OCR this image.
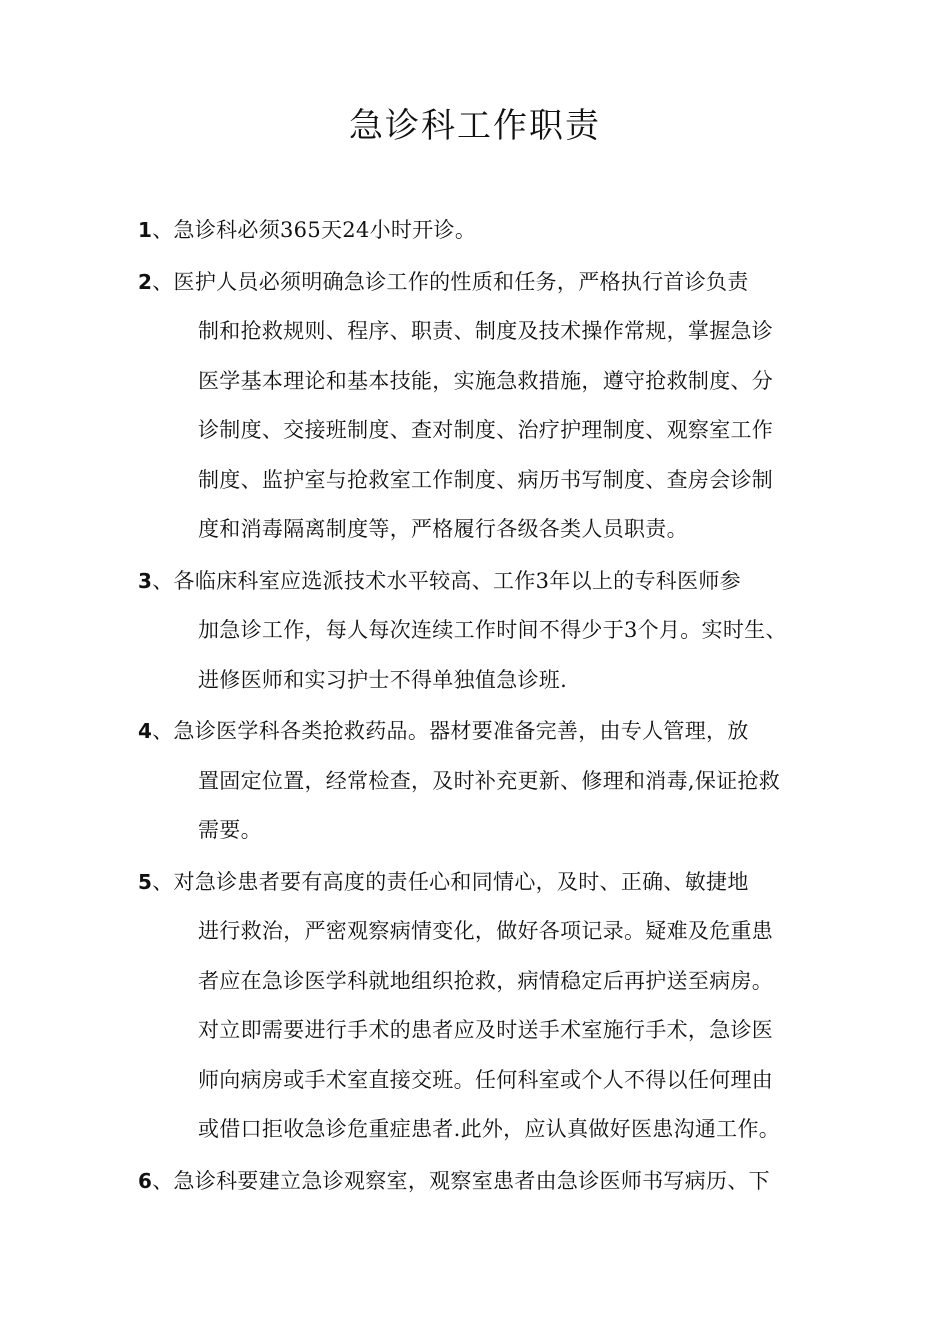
急诊科工作职责
1、急诊科必须365天24小时开诊。
2、医护人员必须明确急诊工作的性质和任务，严格执行首诊负责
制和抢救规则、程序、职责、制度及技术操作常规，掌握急诊
医学基本理论和基本技能，实施急救措施，遵守抢救制度、分
诊制度、交接班制度、查对制度、治疗护理制度、观察室工作
制度、监护室与抢救室工作制度、病历书写制度、查房会诊制
度和消毒隔离制度等，严格履行各级各类人员职责。
3、各临床科室应选派技术水平较高、工作3年以上的专科医师参
加急诊工作，每人每次连续工作时间不得少于3个月。实时生、
进修医师和实习护士不得单独值急诊班.
4、急诊医学科各类抢救药品。器材要准备完善，由专人管理，放
置固定位置，经常检查，及时补充更新、修理和消毒,保证抢救
需要。
5、对急诊患者要有高度的责任心和同情心，及时、正确、敏捷地
进行救治，严密观察病情变化，做好各项记录。疑难及危重患
者应在急诊医学科就地组织抢救，病情稳定后再护送至病房。
对立即需要进行手术的患者应及时送手术室施行手术，急诊医
师向病房或手术室直接交班。任何科室或个人不得以任何理由
或借口拒收急诊危重症患者.此外，应认真做好医患沟通工作。
6、急诊科要建立急诊观察室，观察室患者由急诊医师书写病历、下
